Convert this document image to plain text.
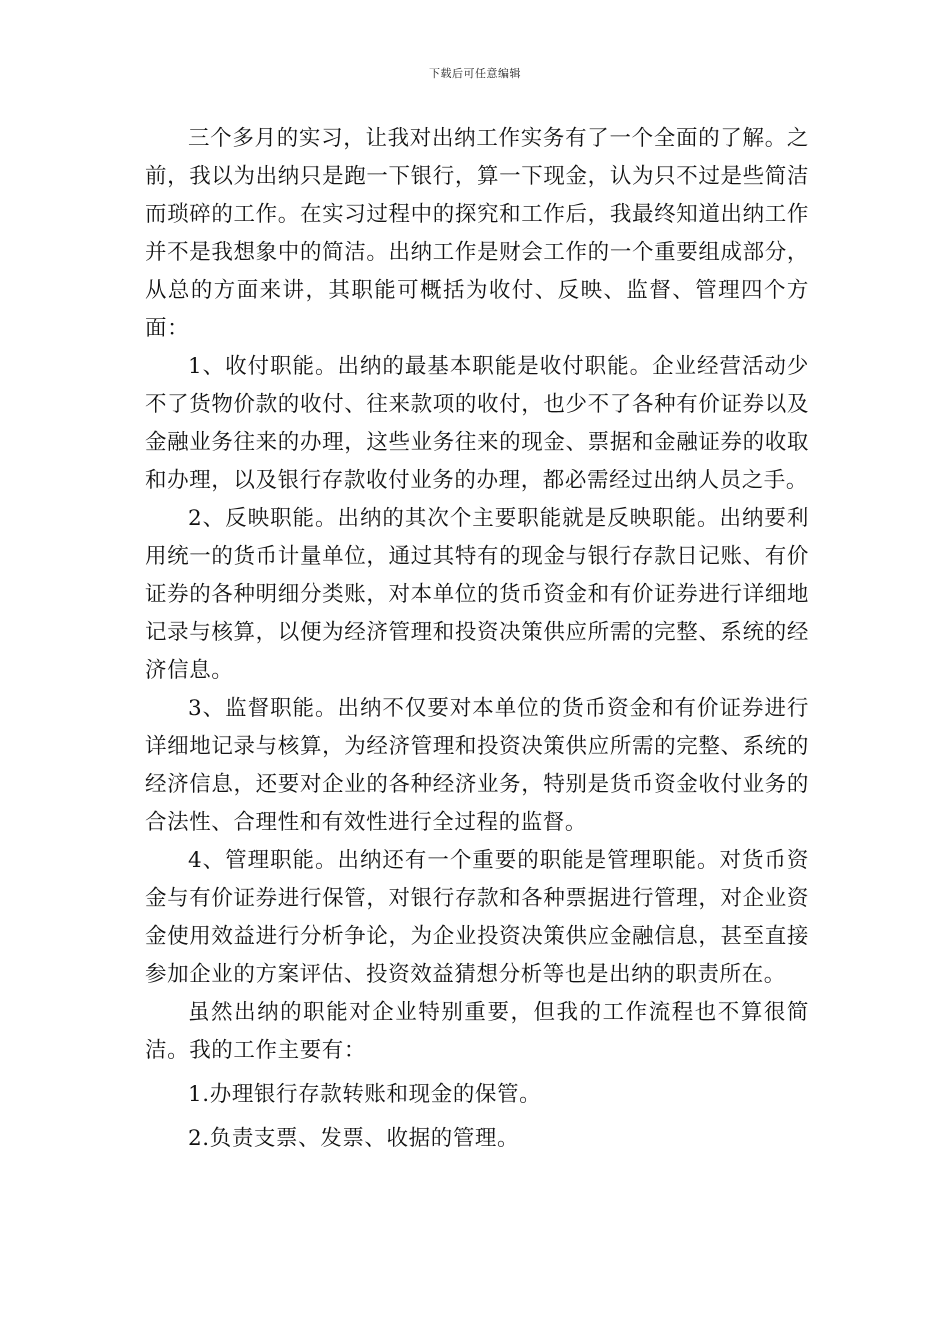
下载后可任意编辑

三个多月的实习，让我对出纳工作实务有了一个全面的了解。之前，我以为出纳只是跑一下银行，算一下现金，认为只不过是些简洁而琐碎的工作。在实习过程中的探究和工作后，我最终知道出纳工作并不是我想象中的简洁。出纳工作是财会工作的一个重要组成部分，从总的方面来讲，其职能可概括为收付、反映、监督、管理四个方面：

1、收付职能。出纳的最基本职能是收付职能。企业经营活动少不了货物价款的收付、往来款项的收付，也少不了各种有价证券以及金融业务往来的办理，这些业务往来的现金、票据和金融证券的收取和办理，以及银行存款收付业务的办理，都必需经过出纳人员之手。

2、反映职能。出纳的其次个主要职能就是反映职能。出纳要利用统一的货币计量单位，通过其特有的现金与银行存款日记账、有价证券的各种明细分类账，对本单位的货币资金和有价证券进行详细地记录与核算，以便为经济管理和投资决策供应所需的完整、系统的经济信息。

3、监督职能。出纳不仅要对本单位的货币资金和有价证券进行详细地记录与核算，为经济管理和投资决策供应所需的完整、系统的经济信息，还要对企业的各种经济业务，特别是货币资金收付业务的合法性、合理性和有效性进行全过程的监督。

4、管理职能。出纳还有一个重要的职能是管理职能。对货币资金与有价证券进行保管，对银行存款和各种票据进行管理，对企业资金使用效益进行分析争论，为企业投资决策供应金融信息，甚至直接参加企业的方案评估、投资效益猜想分析等也是出纳的职责所在。

虽然出纳的职能对企业特别重要，但我的工作流程也不算很简洁。我的工作主要有：

1.办理银行存款转账和现金的保管。

2.负责支票、发票、收据的管理。
